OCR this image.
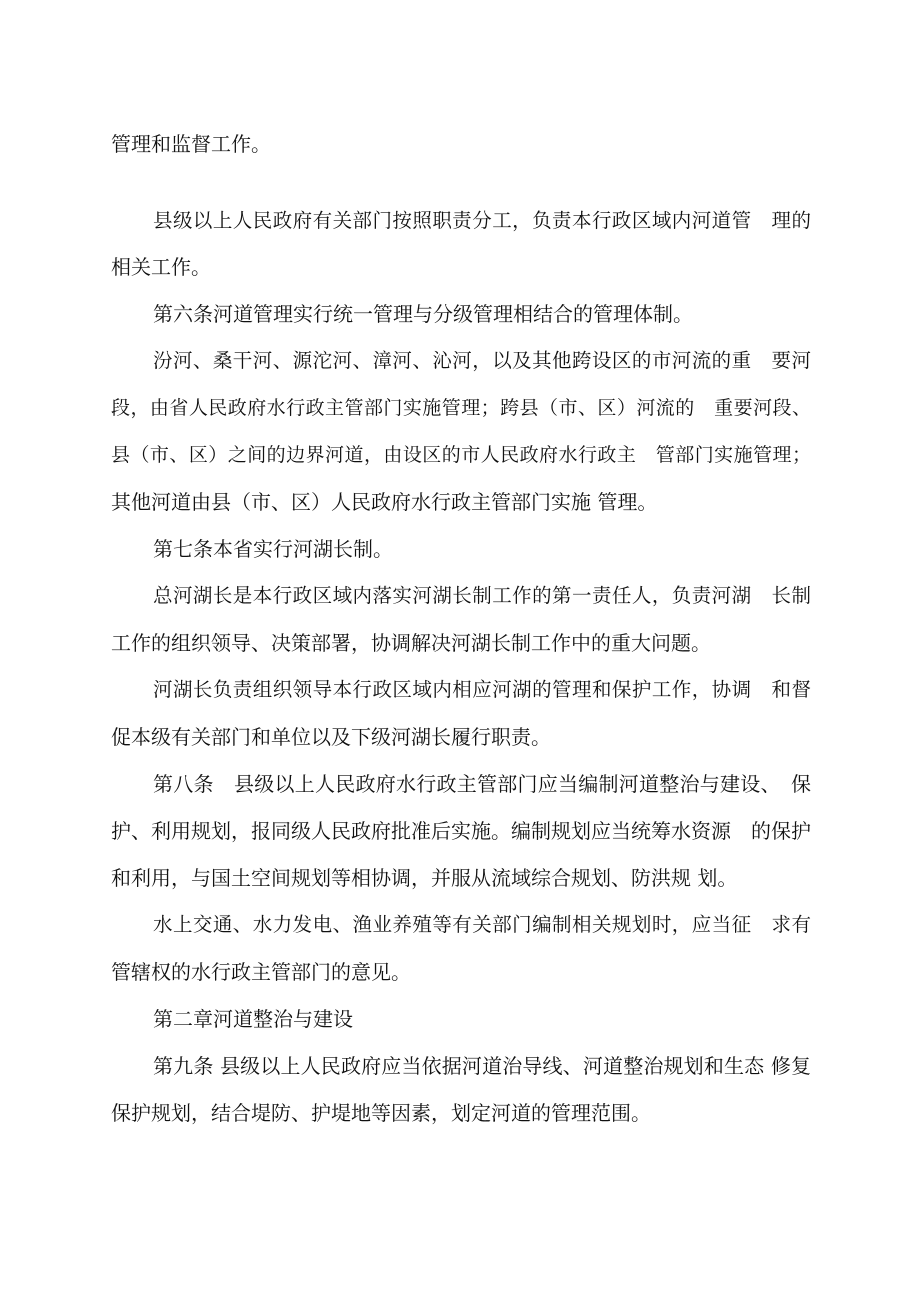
管理和监督工作。

县级以上人民政府有关部门按照职责分工，负责本行政区域内河道管　理的

相关工作。

第六条河道管理实行统一管理与分级管理相结合的管理体制。

汾河、桑干河、源沱河、漳河、沁河，以及其他跨设区的市河流的重　要河

段，由省人民政府水行政主管部门实施管理；跨县（市、区）河流的　重要河段、

县（市、区）之间的边界河道，由设区的市人民政府水行政主　管部门实施管理；

其他河道由县（市、区）人民政府水行政主管部门实施 管理。

第七条本省实行河湖长制。

总河湖长是本行政区域内落实河湖长制工作的第一责任人，负责河湖　长制

工作的组织领导、决策部署，协调解决河湖长制工作中的重大问题。

河湖长负责组织领导本行政区域内相应河湖的管理和保护工作，协调　和督

促本级有关部门和单位以及下级河湖长履行职责。

第八条　县级以上人民政府水行政主管部门应当编制河道整治与建设、　保

护、利用规划，报同级人民政府批准后实施。编制规划应当统筹水资源　的保护

和利用，与国土空间规划等相协调，并服从流域综合规划、防洪规 划。

水上交通、水力发电、渔业养殖等有关部门编制相关规划时，应当征　求有

管辖权的水行政主管部门的意见。

第二章河道整治与建设

第九条 县级以上人民政府应当依据河道治导线、河道整治规划和生态 修复

保护规划，结合堤防、护堤地等因素，划定河道的管理范围。
